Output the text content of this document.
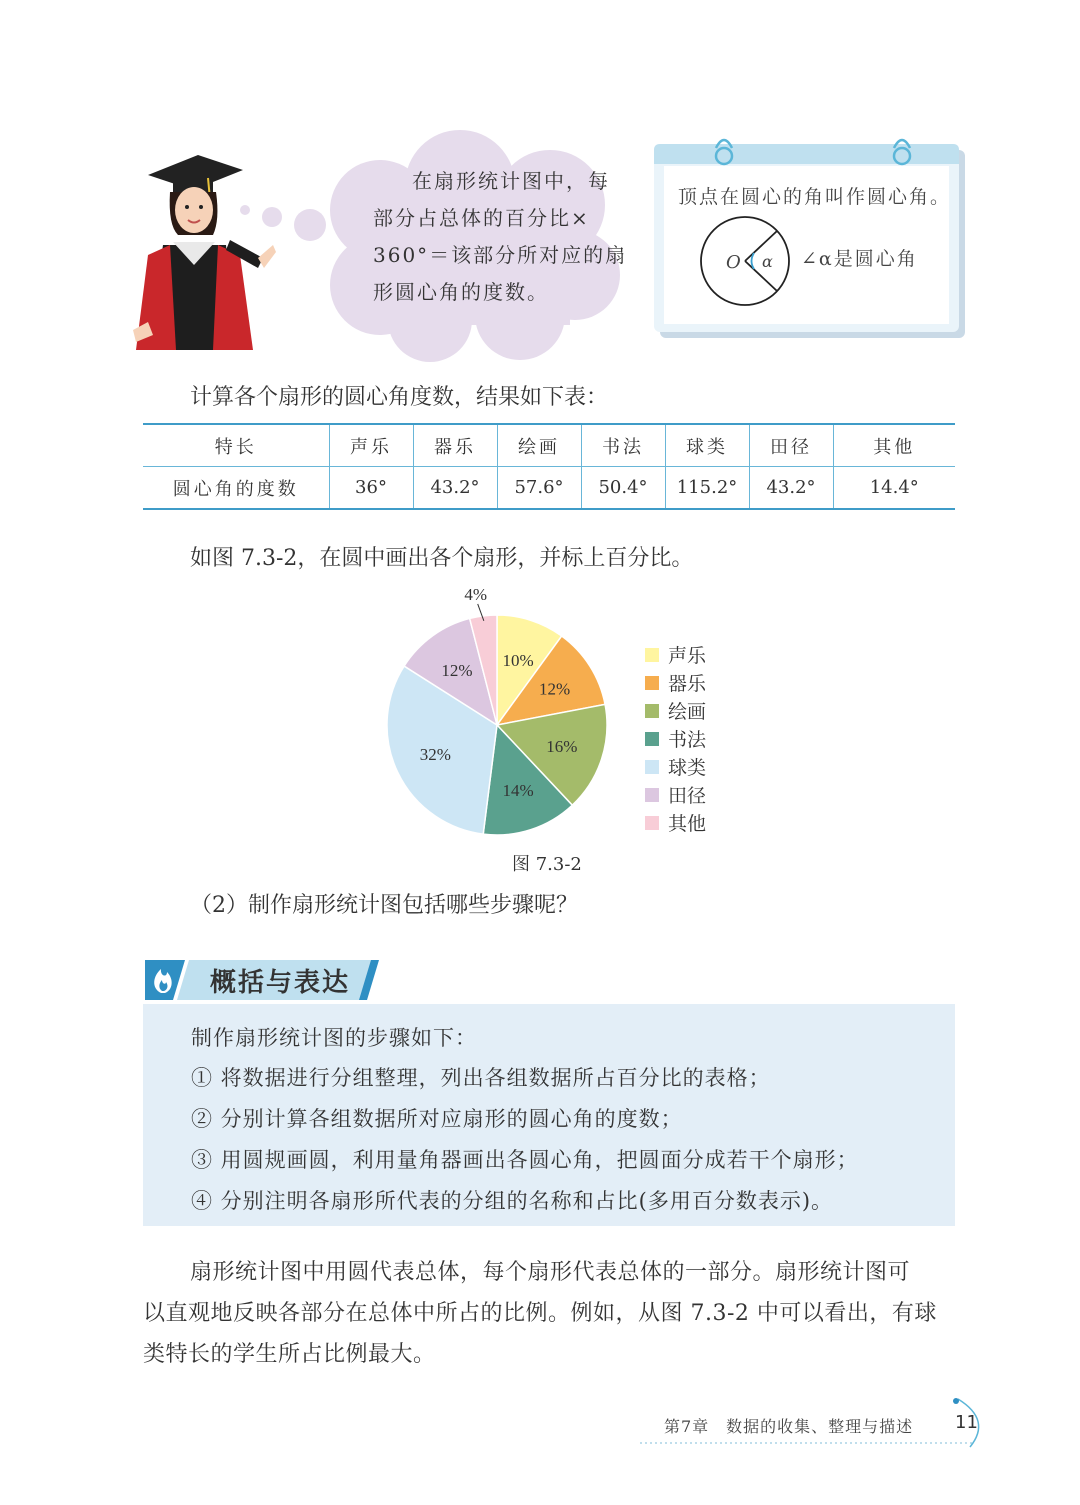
在扇形统计图中，每
部分占总体的百分比×
360°＝该部分所对应的扇
形圆心角的度数。
顶点在圆心的角叫作圆心角。
O α ∠α是圆心角
计算各个扇形的圆心角度数，结果如下表：
特长	声乐	器乐	绘画	书法	球类	田径	其他
圆心角的度数	36°	43.2°	57.6°	50.4°	115.2°	43.2°	14.4°
如图 7.3-2，在圆中画出各个扇形，并标上百分比。
10%
12%
16%
14%
32%
12%
4%
声乐
器乐
绘画
书法
球类
田径
其他
图 7.3-2
（2）制作扇形统计图包括哪些步骤呢？
概括与表达
制作扇形统计图的步骤如下：
① 将数据进行分组整理，列出各组数据所占百分比的表格；
② 分别计算各组数据所对应扇形的圆心角的度数；
③ 用圆规画圆，利用量角器画出各圆心角，把圆面分成若干个扇形；
④ 分别注明各扇形所代表的分组的名称和占比(多用百分数表示)。
扇形统计图中用圆代表总体，每个扇形代表总体的一部分。扇形统计图可
以直观地反映各部分在总体中所占的比例。例如，从图 7.3-2 中可以看出，有球
类特长的学生所占比例最大。
第7章　数据的收集、整理与描述 11
